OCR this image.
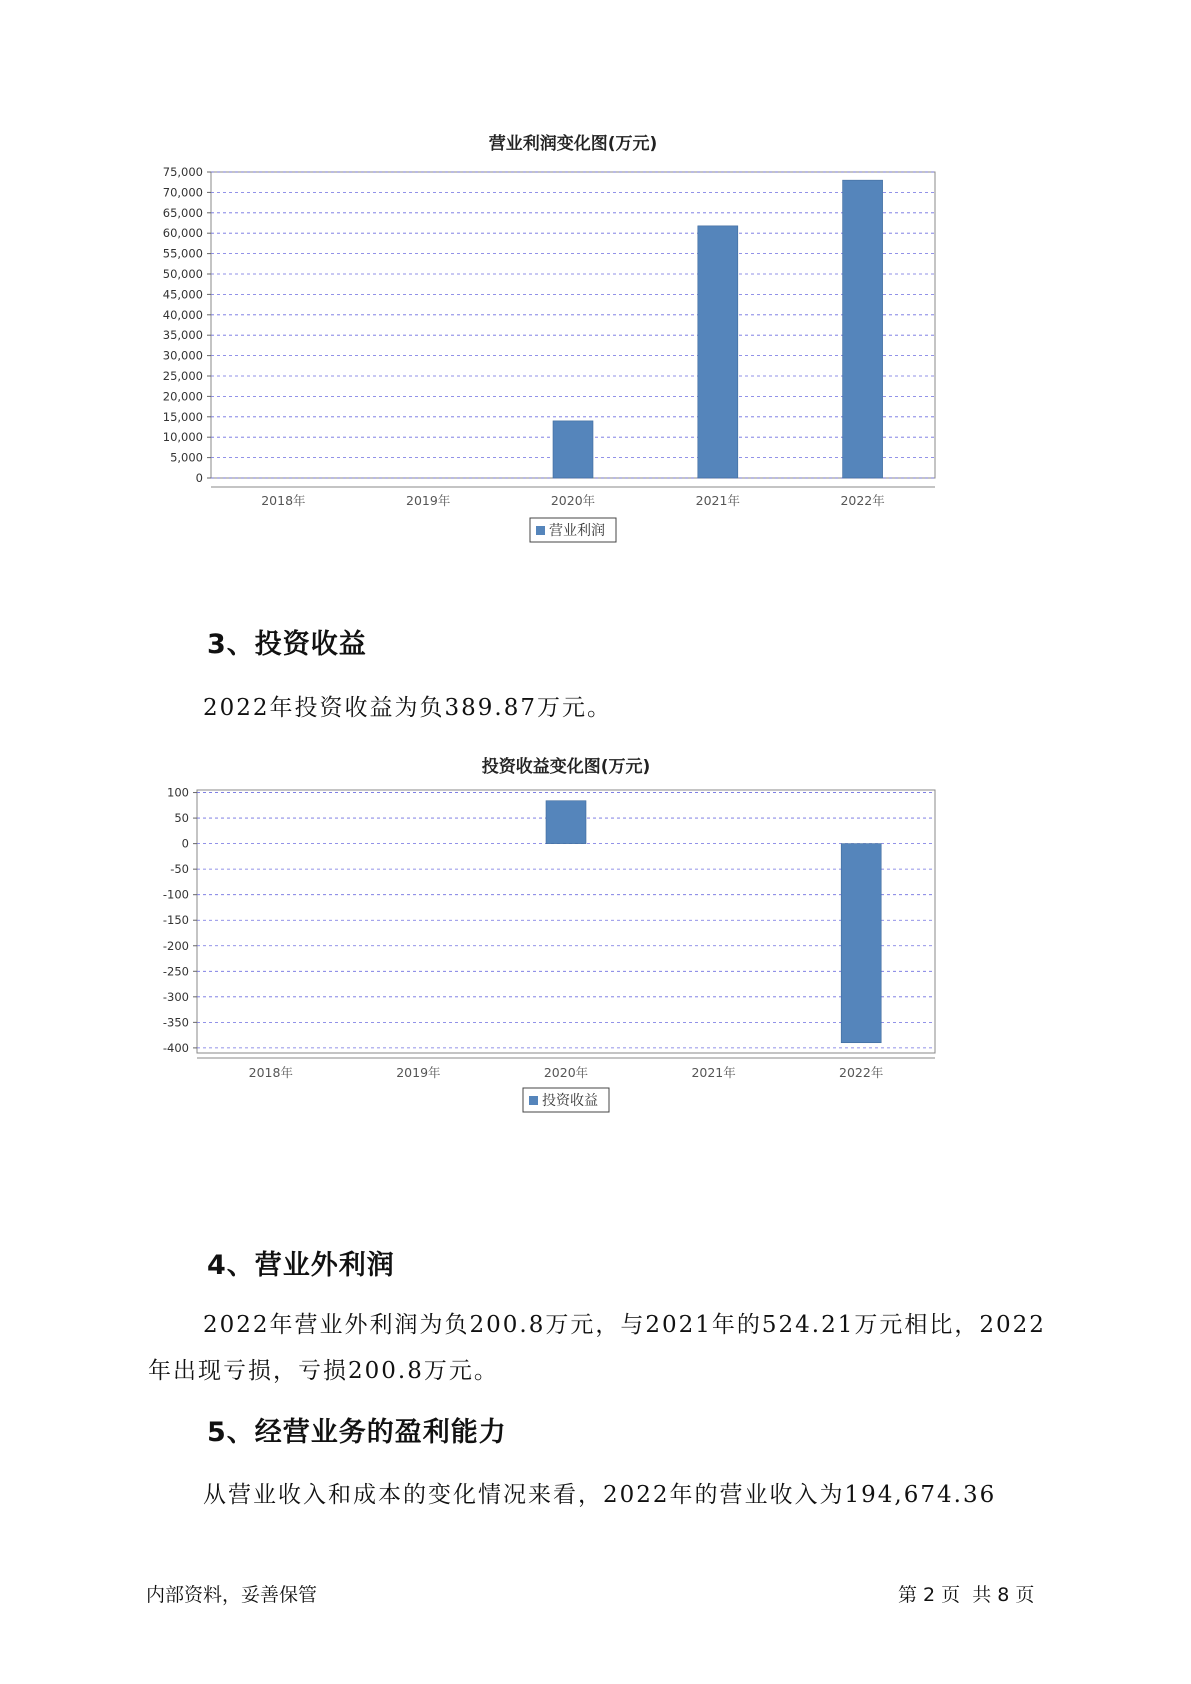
营业利润变化图(万元)
0
5,000
10,000
15,000
20,000
25,000
30,000
35,000
40,000
45,000
50,000
55,000
60,000
65,000
70,000
75,000
2018年	2019年	2020年	2021年	2022年
营业利润
3、投资收益
2022年投资收益为负389.87万元。
投资收益变化图(万元)
100
50
0
-50
-100
-150
-200
-250
-300
-350
-400
2018年	2019年	2020年	2021年	2022年
投资收益
4、营业外利润
2022年营业外利润为负200.8万元，与2021年的524.21万元相比，2022
年出现亏损，亏损200.8万元。
5、经营业务的盈利能力
从营业收入和成本的变化情况来看，2022年的营业收入为194,674.36
内部资料，妥善保管	第 2 页  共 8 页
